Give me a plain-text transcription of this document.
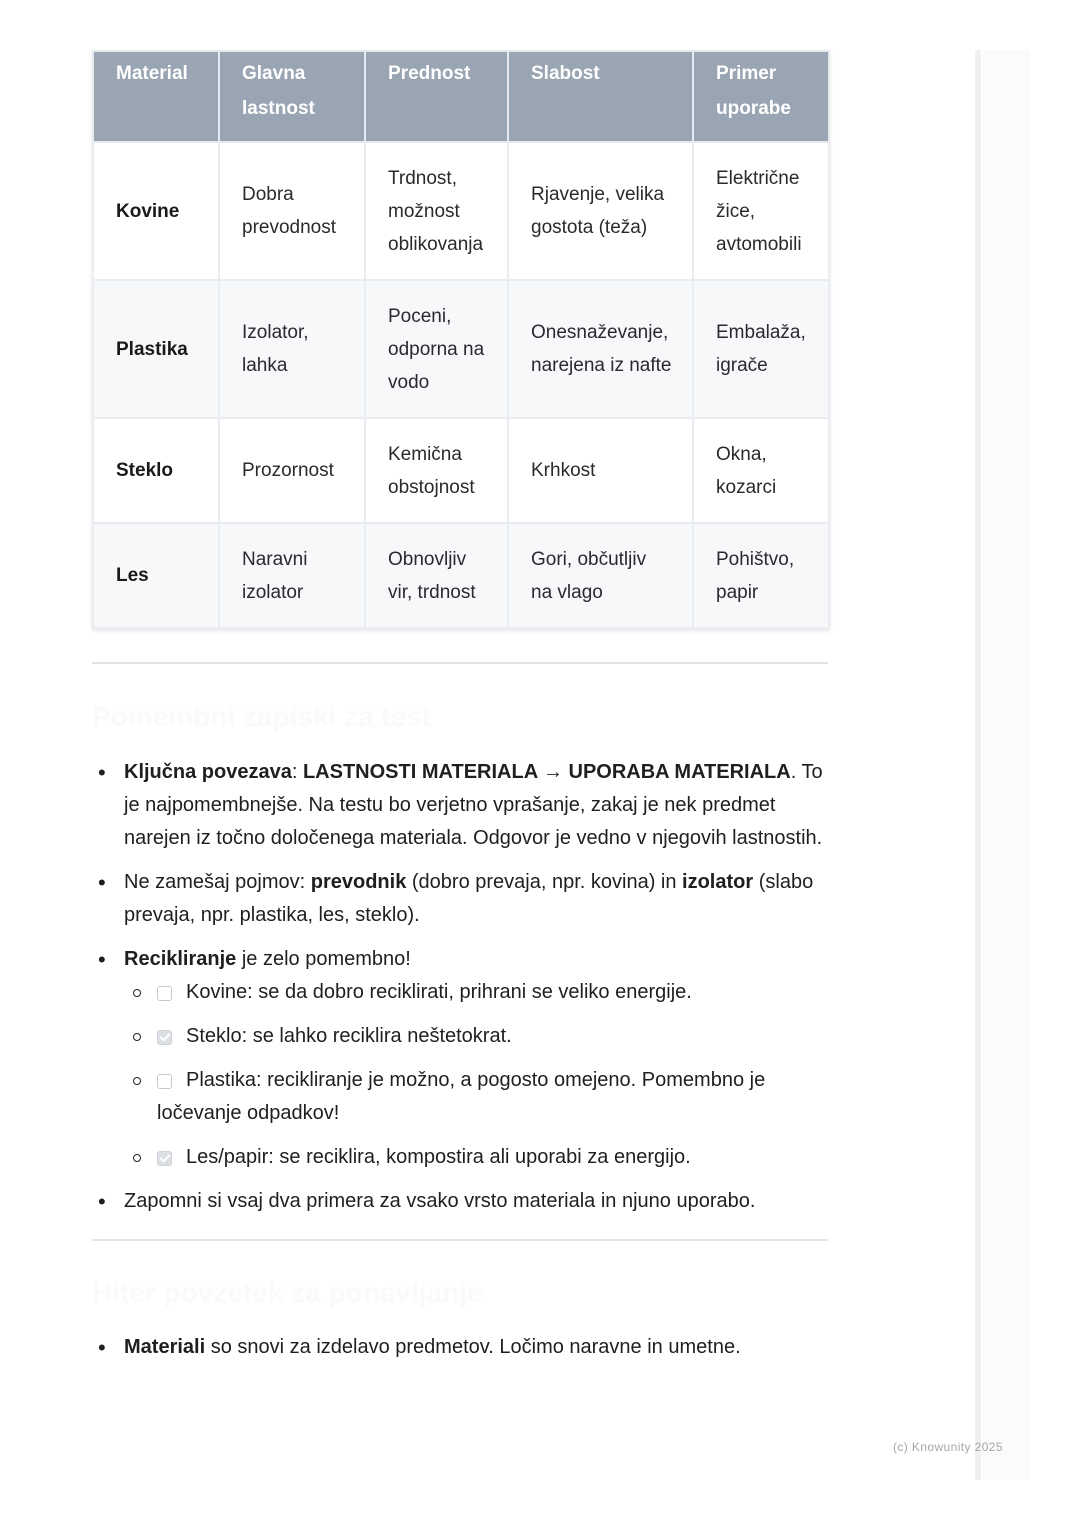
Material	Glavna lastnost	Prednost	Slabost	Primer uporabe
Kovine	Dobra prevodnost	Trdnost, možnost oblikovanja	Rjavenje, velika gostota (teža)	Električne žice, avtomobili
Plastika	Izolator, lahka	Poceni, odporna na vodo	Onesnaževanje, narejena iz nafte	Embalaža, igrače
Steklo	Prozornost	Kemična obstojnost	Krhkost	Okna, kozarci
Les	Naravni izolator	Obnovljiv vir, trdnost	Gori, občutljiv na vlago	Pohištvo, papir
Pomembni zapiski za test
• Ključna povezava: LASTNOSTI MATERIALA → UPORABA MATERIALA. To je najpomembnejše. Na testu bo verjetno vprašanje, zakaj je nek predmet narejen iz točno določenega materiala. Odgovor je vedno v njegovih lastnostih.
• Ne zamešaj pojmov: prevodnik (dobro prevaja, npr. kovina) in izolator (slabo prevaja, npr. plastika, les, steklo).
• Recikliranje je zelo pomembno!
Kovine: se da dobro reciklirati, prihrani se veliko energije.
Steklo: se lahko reciklira neštetokrat.
Plastika: recikliranje je možno, a pogosto omejeno. Pomembno je ločevanje odpadkov!
Les/papir: se reciklira, kompostira ali uporabi za energijo.
• Zapomni si vsaj dva primera za vsako vrsto materiala in njuno uporabo.
Hiter povzetek za ponavljanje
• Materiali so snovi za izdelavo predmetov. Ločimo naravne in umetne.
(c) Knowunity 2025
